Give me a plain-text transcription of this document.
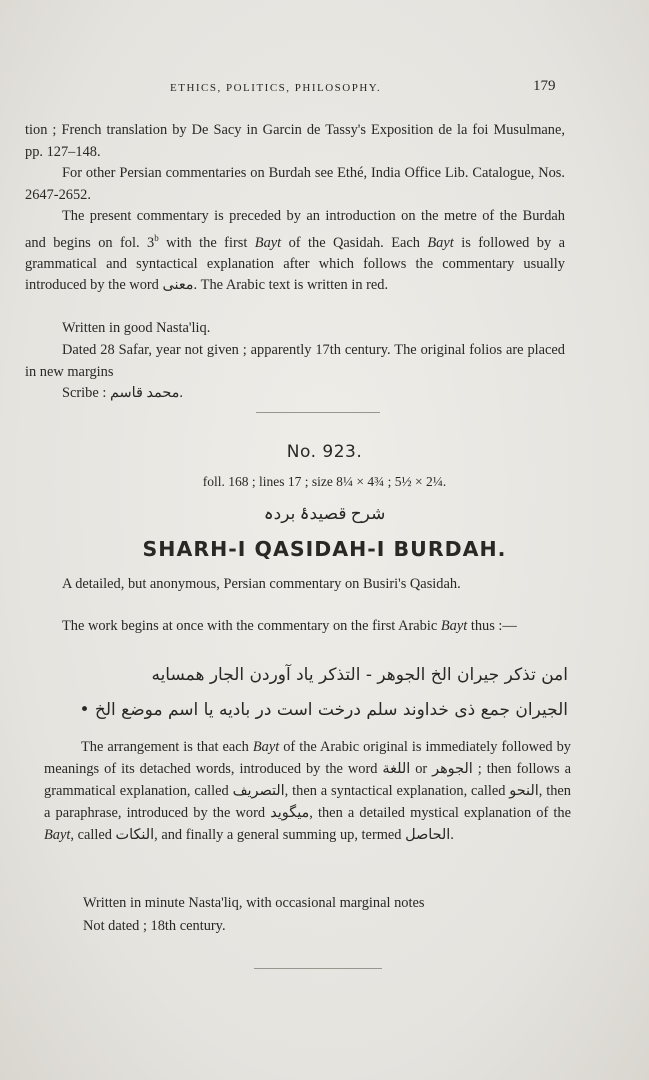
ETHICS, POLITICS, PHILOSOPHY.	179

tion ; French translation by De Sacy in Garcin de Tassy's Exposition de la foi Musulmane, pp. 127–148.

For other Persian commentaries on Burdah see Ethé, India Office Lib. Catalogue, Nos. 2647-2652.

The present commentary is preceded by an introduction on the metre of the Burdah and begins on fol. 3$^b$ with the first Bayt of the Qasidah. Each Bayt is followed by a grammatical and syntactical explanation after which follows the commentary usually introduced by the word معنی. The Arabic text is written in red.

Written in good Nasta'liq.

Dated 28 Safar, year not given ; apparently 17th century. The original folios are placed in new margins

Scribe : محمد قاسم.

No. 923.
foll. 168 ; lines 17 ; size 8¼ × 4¾ ; 5½ × 2¼.
شرح قصیدۂ بردہ
SHARH-I QASIDAH-I BURDAH.

A detailed, but anonymous, Persian commentary on Busiri's Qasidah.

The work begins at once with the commentary on the first Arabic Bayt thus :—

امن تذکر جیران الخ الجوهر - التذکر یاد آوردن الجار همسایه
الجیران جمع ذی خداوند سلم درخت است در بادیه یا اسم موضع الخ •

The arrangement is that each Bayt of the Arabic original is immediately followed by meanings of its detached words, introduced by the word اللغة or الجوهر ; then follows a grammatical explanation, called التصریف, then a syntactical explanation, called النحو, then a paraphrase, introduced by the word میگوید, then a detailed mystical explanation of the Bayt, called النکات, and finally a general summing up, termed الحاصل.

Written in minute Nasta'liq, with occasional marginal notes

Not dated ; 18th century.
